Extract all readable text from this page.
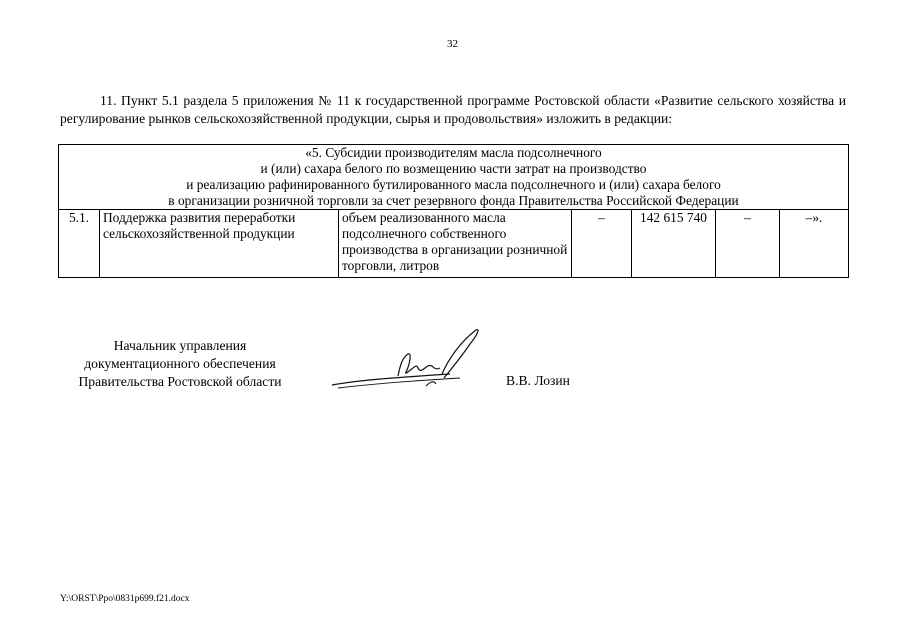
32
11. Пункт 5.1 раздела 5 приложения № 11 к государственной программе Ростовской области «Развитие сельского хозяйства и регулирование рынков сельскохозяйственной продукции, сырья и продовольствия» изложить в редакции:
«5. Субсидии производителям масла подсолнечного
и (или) сахара белого по возмещению части затрат на производство
и реализацию рафинированного бутилированного масла подсолнечного и (или) сахара белого
в организации розничной торговли за счет резервного фонда Правительства Российской Федерации

5.1.	Поддержка развития переработки сельскохозяйственной продукции	объем реализованного масла подсолнечного собственного производства в организации розничной торговли, литров	–	142 615 740	–	–».
Начальник управления
документационного обеспечения
Правительства Ростовской области	В.В. Лозин
Y:\ORST\Ppo\0831p699.f21.docx
